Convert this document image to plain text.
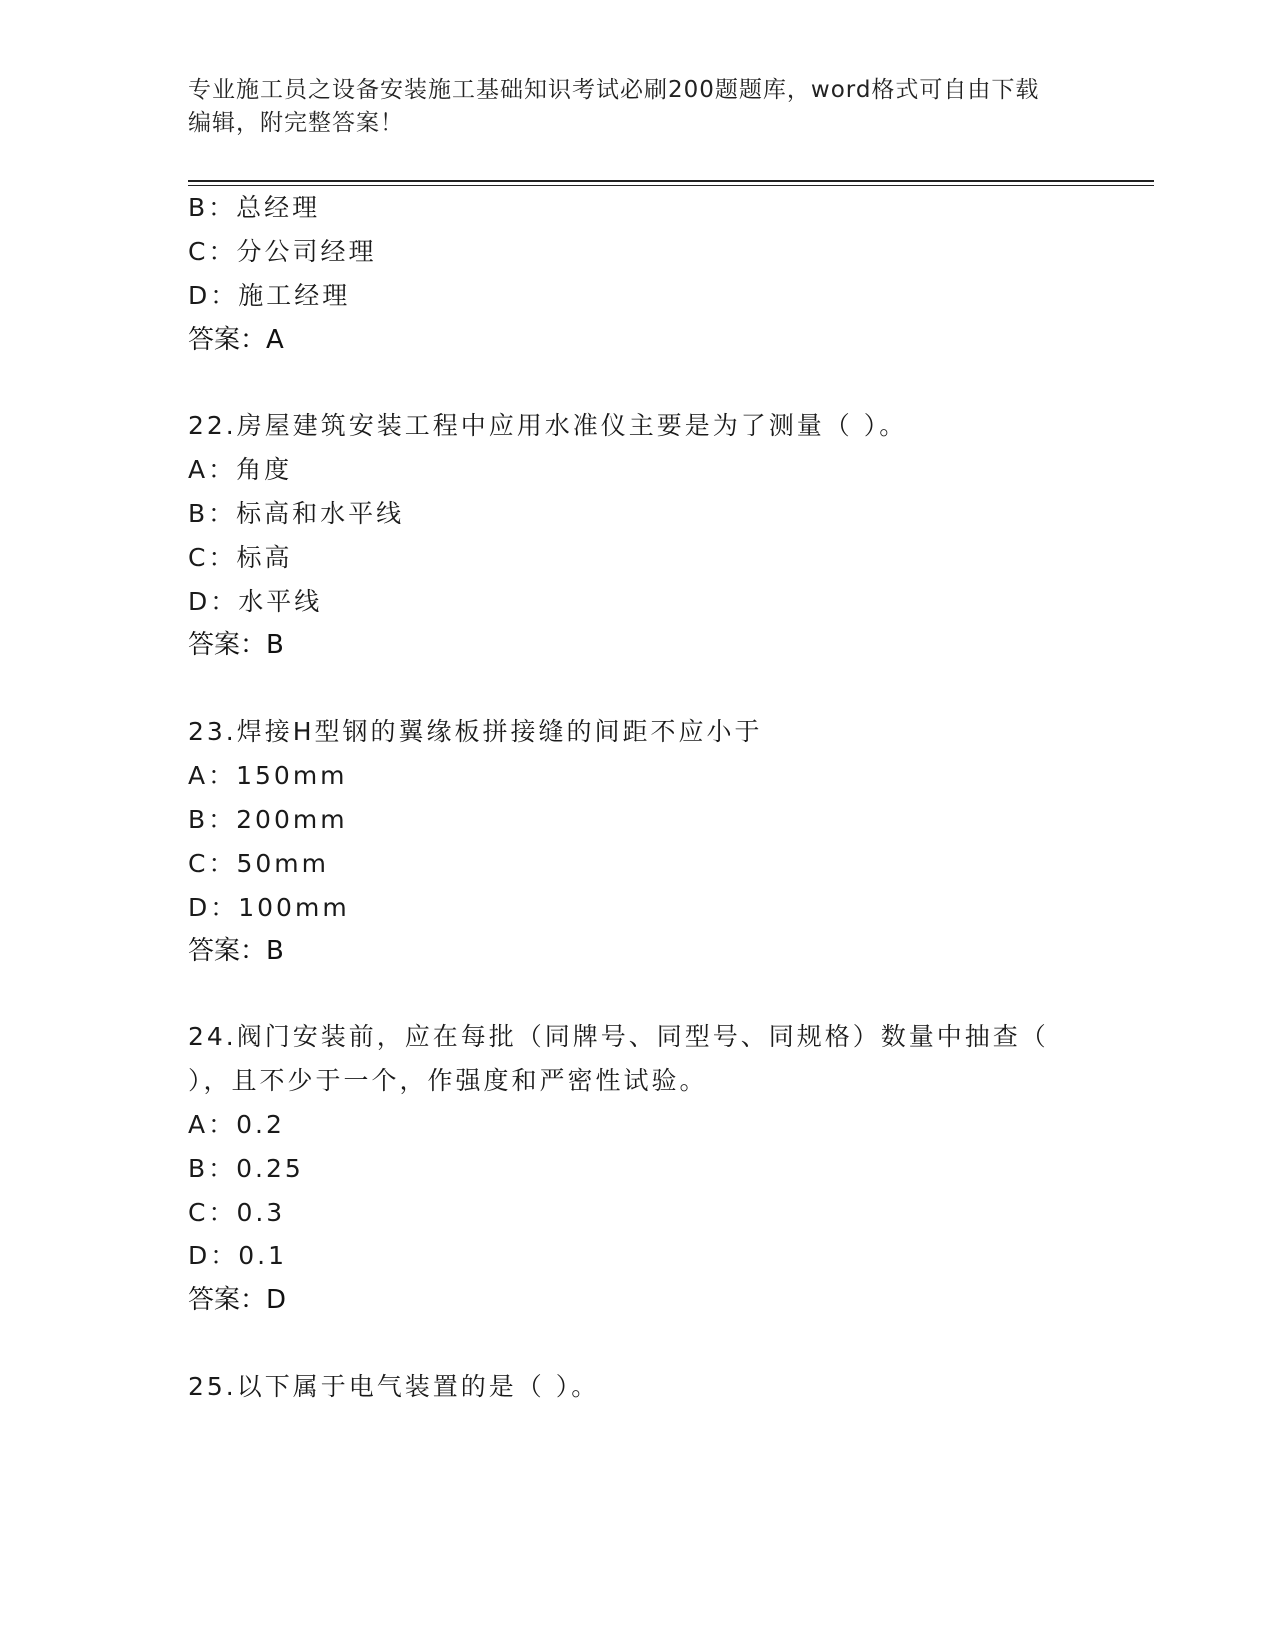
专业施工员之设备安装施工基础知识考试必刷200题题库，word格式可自由下载
编辑，附完整答案！
B：总经理
C：分公司经理
D：施工经理
答案：A
22.房屋建筑安装工程中应用水准仪主要是为了测量（ ）。
A：角度
B：标高和水平线
C：标高
D：水平线
答案：B
23.焊接H型钢的翼缘板拼接缝的间距不应小于
A：150mm
B：200mm
C：50mm
D：100mm
答案：B
24.阀门安装前，应在每批（同牌号、同型号、同规格）数量中抽查（
），且不少于一个，作强度和严密性试验。
A：0.2
B：0.25
C：0.3
D：0.1
答案：D
25.以下属于电气装置的是（ ）。
